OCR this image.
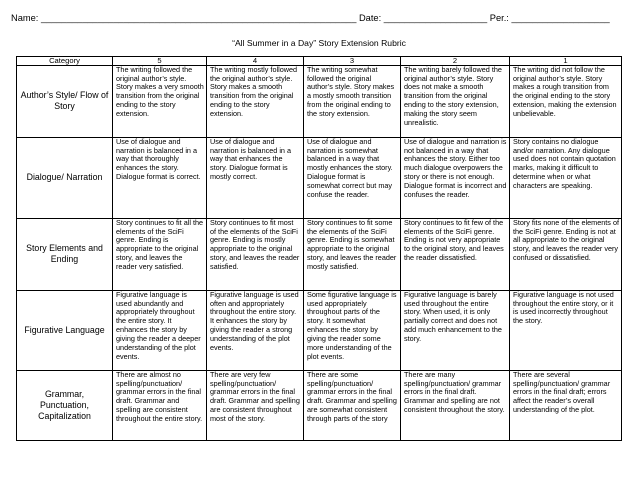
Name: _____________________________________________________________ Date: ____________________ Per.: ___________________
“All Summer in a Day” Story Extension Rubric
Category	5	4	3	2	1
Author’s Style/ Flow of Story	The writing followed the original author’s style. Story makes a very smooth transition from the original ending to the story extension.	The writing mostly followed the original author’s style. Story makes a smooth transition from the original ending to the story extension.	The writing somewhat followed the original author’s style. Story makes a mostly smooth transition from the original ending to the story extension.	The writing barely followed the original author’s style. Story does not make a smooth transition from the original ending to the story extension, making the story seem unrealistic.	The writing did not follow the original author’s style. Story makes a rough transition from the original ending to the story extension, making the extension unbelievable.
Dialogue/ Narration	Use of dialogue and narration is balanced in a way that thoroughly enhances the story. Dialogue format is correct.	Use of dialogue and narration is balanced in a way that enhances the story. Dialogue format is mostly correct.	Use of dialogue and narration is somewhat balanced in a way that mostly enhances the story. Dialogue format is somewhat correct but may confuse the reader.	Use of dialogue and narration is not balanced in a way that enhances the story. Either too much dialogue overpowers the story or there is not enough. Dialogue format is incorrect and confuses the reader.	Story contains no dialogue and/or narration. Any dialogue used does not contain quotation marks, making it difficult to determine when or what characters are speaking.
Story Elements and Ending	Story continues to fit all the elements of the SciFi genre. Ending is appropriate to the original story, and leaves the reader very satisfied.	Story continues to fit most of the elements of the SciFi genre. Ending is mostly appropriate to the original story, and leaves the reader satisfied.	Story continues to fit some the elements of the SciFi genre. Ending is somewhat appropriate to the original story, and leaves the reader mostly satisfied.	Story continues to fit few of the elements of the SciFi genre. Ending is not very appropriate to the original story, and leaves the reader dissatisfied.	Story fits none of the elements of the SciFi genre. Ending is not at all appropriate to the original story, and leaves the reader very confused or dissatisfied.
Figurative Language	Figurative language is used abundantly and appropriately throughout the entire story. It enhances the story by giving the reader a deeper understanding of the plot events.	Figurative language is used often and appropriately throughout the entire story. It enhances the story by giving the reader a strong understanding of the plot events.	Some figurative language is used appropriately throughout parts of the story. It somewhat enhances the story by giving the reader some more understanding of the plot events.	Figurative language is barely used throughout the entire story. When used, it is only partially correct and does not add much enhancement to the story.	Figurative language is not used throughout the entire story, or it is used incorrectly throughout the story.
Grammar, Punctuation, Capitalization	There are almost no spelling/punctuation/ grammar errors in the final draft. Grammar and spelling are consistent throughout the entire story.	There are very few spelling/punctuation/ grammar errors in the final draft. Grammar and spelling are consistent throughout most of the story.	There are some spelling/punctuation/ grammar errors in the final draft. Grammar and spelling are somewhat consistent through parts of the story	There are many spelling/punctuation/ grammar errors in the final draft. Grammar and spelling are not consistent throughout the story.	There are several spelling/punctuation/ grammar errors in the final draft; errors affect the reader’s overall understanding of the plot.
